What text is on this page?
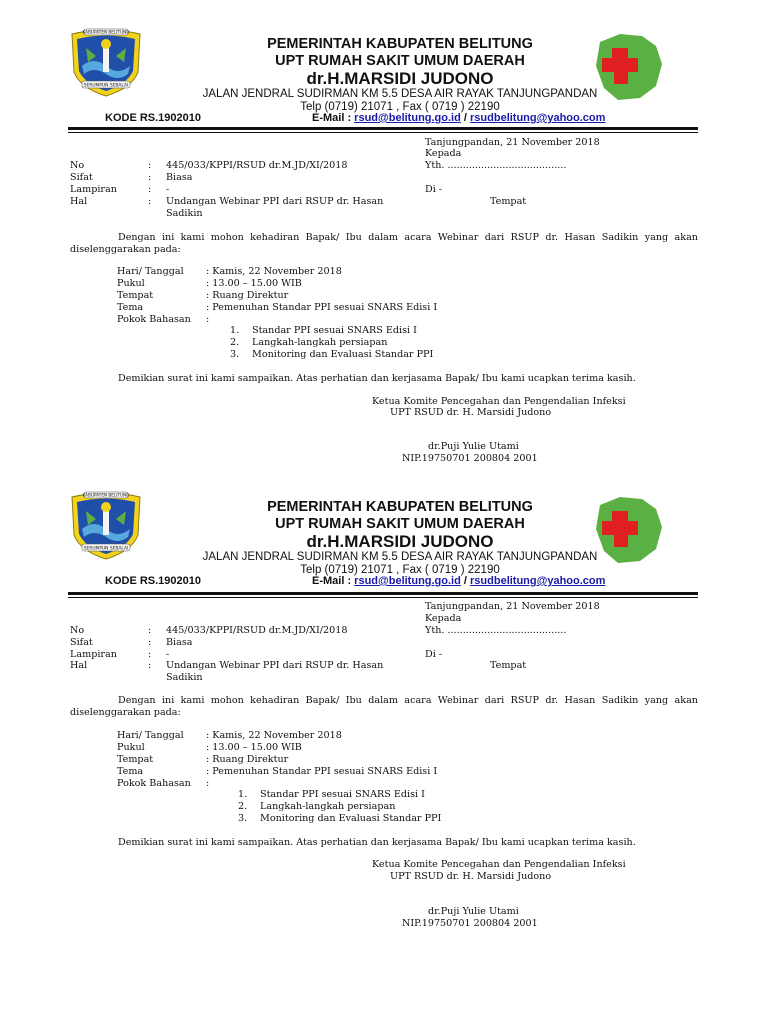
SERUMPUN SEBALAI
KABUPATEN BELITUNG
PEMERINTAH KABUPATEN BELITUNG
UPT RUMAH SAKIT UMUM DAERAH
dr.H.MARSIDI JUDONO
JALAN JENDRAL SUDIRMAN KM 5.5 DESA AIR RAYAK TANJUNGPANDAN
Telp (0719) 21071 , Fax ( 0719 ) 22190
KODE RS.1902010	E-Mail : rsud@belitung.go.id / rsudbelitung@yahoo.com
Tanjungpandan, 21 November 2018
Kepada
Yth. .......................................
Di -
Tempat
No	: 445/033/KPPI/RSUD dr.M.JD/XI/2018
Sifat	: Biasa
Lampiran	: -
Hal	: Undangan Webinar PPI dari RSUP dr. Hasan
Sadikin
Dengan ini kami mohon kehadiran Bapak/ Ibu dalam acara Webinar dari RSUP dr. Hasan Sadikin yang akan
diselenggarakan pada:
Hari/ Tanggal : Kamis, 22 November 2018
Pukul	: 13.00 – 15.00 WIB
Tempat	: Ruang Direktur
Tema	: Pemenuhan Standar PPI sesuai SNARS Edisi I
Pokok Bahasan :
1. Standar PPI sesuai SNARS Edisi I
2. Langkah-langkah persiapan
3. Monitoring dan Evaluasi Standar PPI
Demikian surat ini kami sampaikan. Atas perhatian dan kerjasama Bapak/ Ibu kami ucapkan terima kasih.
Ketua Komite Pencegahan dan Pengendalian Infeksi
UPT RSUD dr. H. Marsidi Judono
dr.Puji Yulie Utami
NIP.19750701 200804 2001
SERUMPUN SEBALAI
KABUPATEN BELITUNG
PEMERINTAH KABUPATEN BELITUNG
UPT RUMAH SAKIT UMUM DAERAH
dr.H.MARSIDI JUDONO
JALAN JENDRAL SUDIRMAN KM 5.5 DESA AIR RAYAK TANJUNGPANDAN
Telp (0719) 21071 , Fax ( 0719 ) 22190
KODE RS.1902010	E-Mail : rsud@belitung.go.id / rsudbelitung@yahoo.com
Tanjungpandan, 21 November 2018
Kepada
Yth. .......................................
Di -
Tempat
No	: 445/033/KPPI/RSUD dr.M.JD/XI/2018
Sifat	: Biasa
Lampiran	: -
Hal	: Undangan Webinar PPI dari RSUP dr. Hasan
Sadikin
Dengan ini kami mohon kehadiran Bapak/ Ibu dalam acara Webinar dari RSUP dr. Hasan Sadikin yang akan
diselenggarakan pada:
Hari/ Tanggal : Kamis, 22 November 2018
Pukul	: 13.00 – 15.00 WIB
Tempat	: Ruang Direktur
Tema	: Pemenuhan Standar PPI sesuai SNARS Edisi I
Pokok Bahasan :
1. Standar PPI sesuai SNARS Edisi I
2. Langkah-langkah persiapan
3. Monitoring dan Evaluasi Standar PPI
Demikian surat ini kami sampaikan. Atas perhatian dan kerjasama Bapak/ Ibu kami ucapkan terima kasih.
Ketua Komite Pencegahan dan Pengendalian Infeksi
UPT RSUD dr. H. Marsidi Judono
dr.Puji Yulie Utami
NIP.19750701 200804 2001
